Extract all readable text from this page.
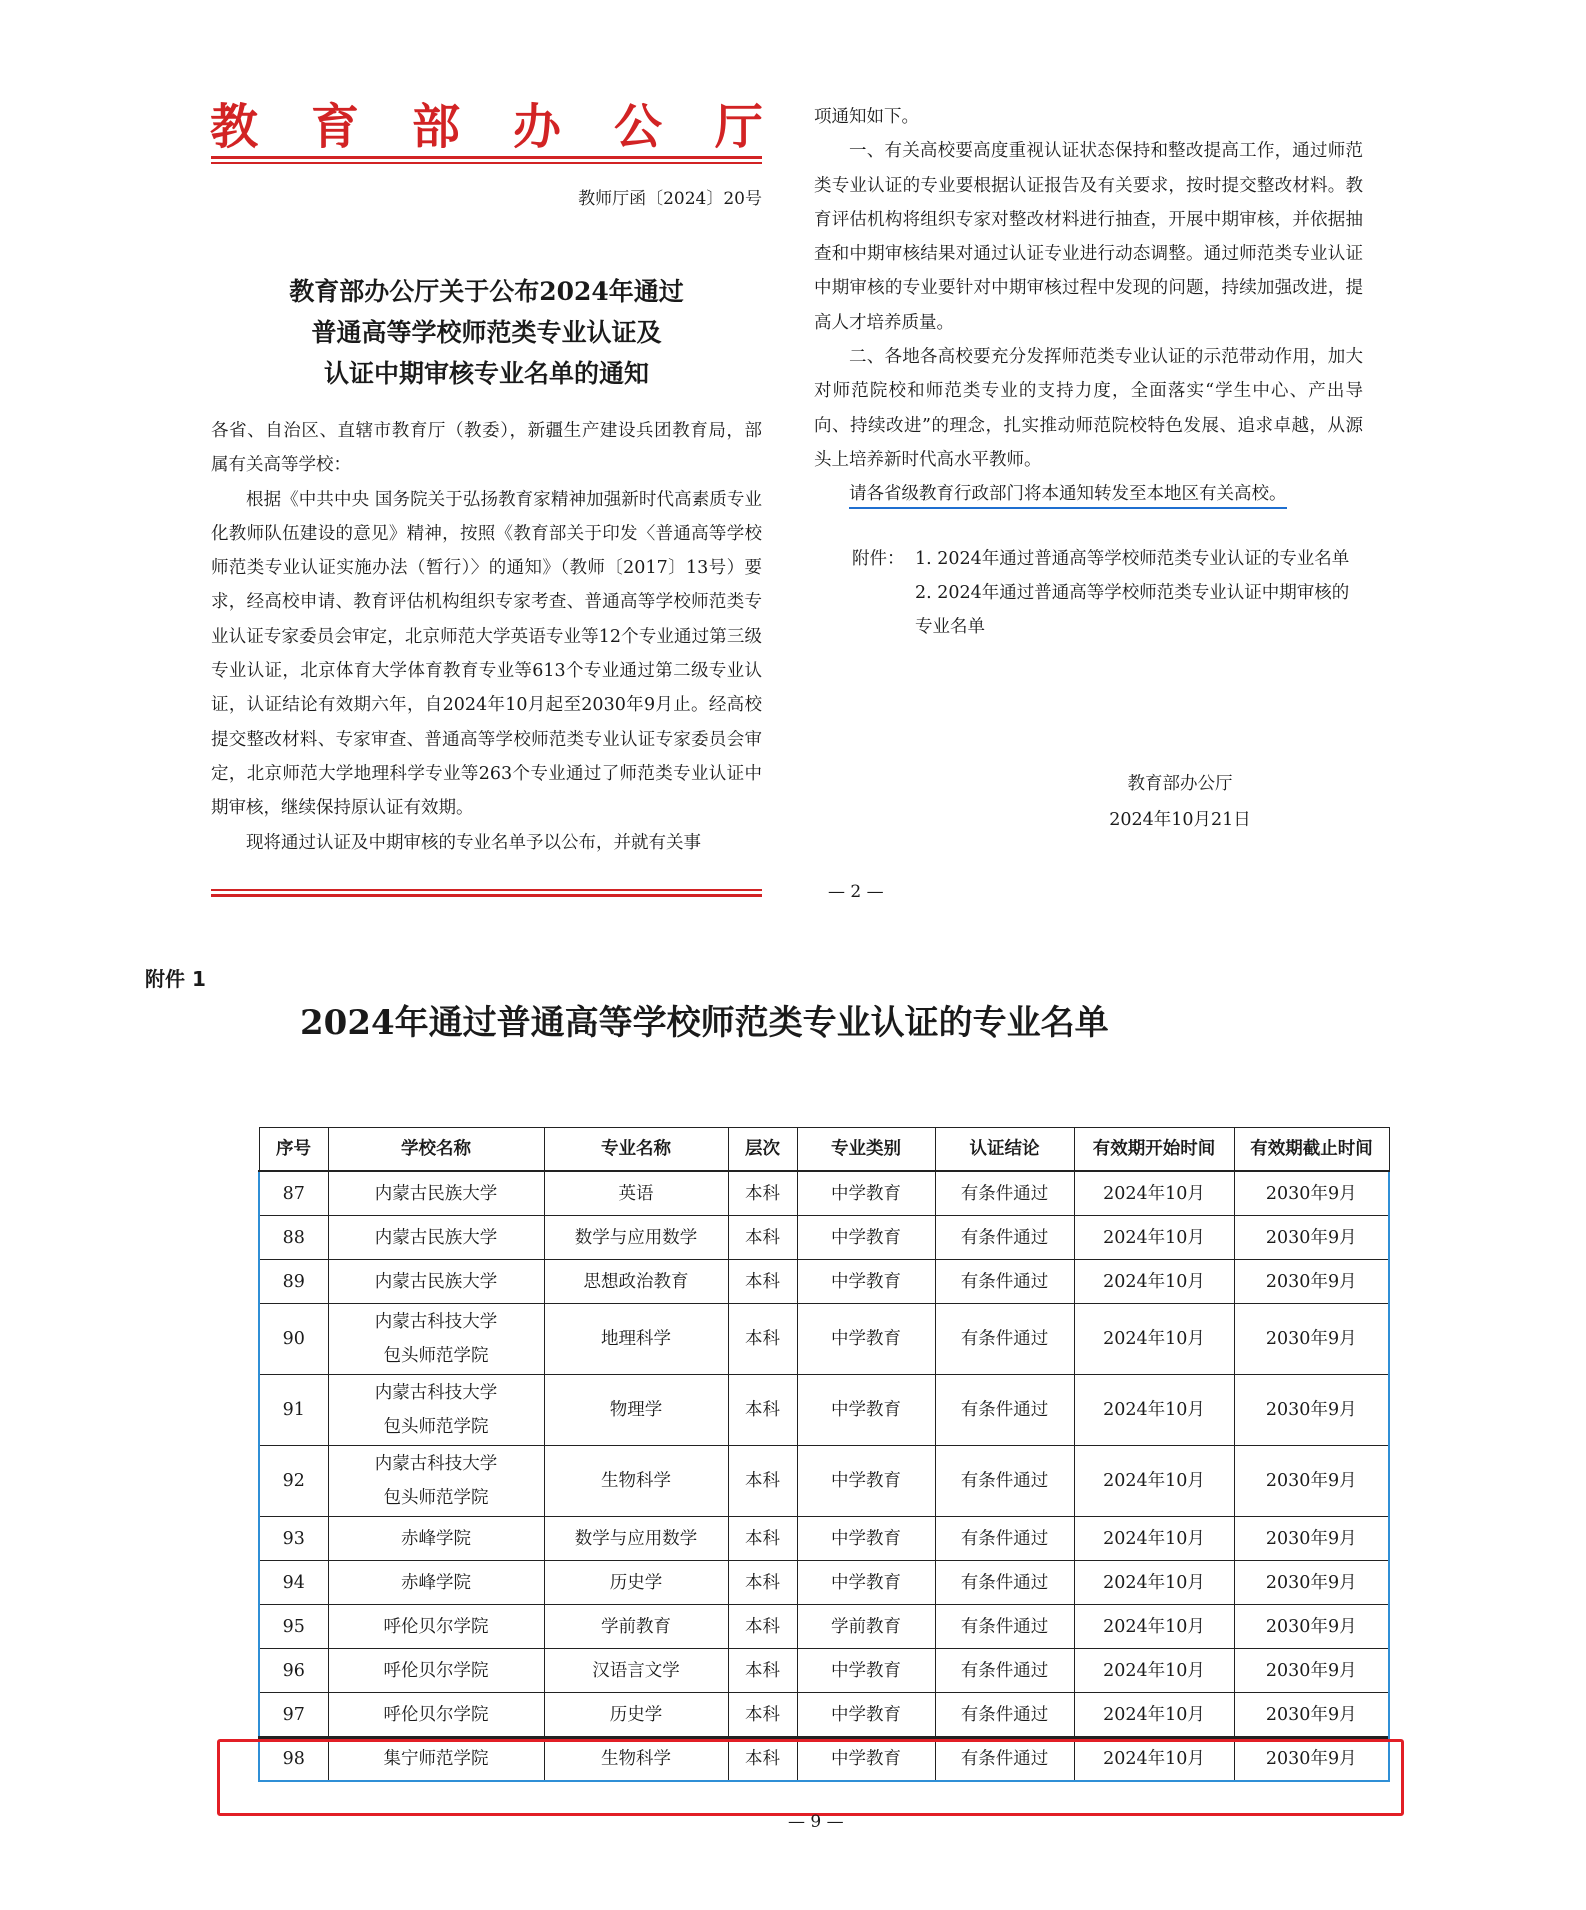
教 育 部 办 公 厅
教师厅函〔2024〕20号
教育部办公厅关于公布2024年通过
普通高等学校师范类专业认证及
认证中期审核专业名单的通知

各省、自治区、直辖市教育厅（教委），新疆生产建设兵团教育局，部属有关高等学校：

根据《中共中央 国务院关于弘扬教育家精神加强新时代高素质专业化教师队伍建设的意见》精神，按照《教育部关于印发〈普通高等学校师范类专业认证实施办法（暂行）〉的通知》（教师〔2017〕13号）要求，经高校申请、教育评估机构组织专家考查、普通高等学校师范类专业认证专家委员会审定，北京师范大学英语专业等12个专业通过第三级专业认证，北京体育大学体育教育专业等613个专业通过第二级专业认证，认证结论有效期六年，自2024年10月起至2030年9月止。经高校提交整改材料、专家审查、普通高等学校师范类专业认证专家委员会审定，北京师范大学地理科学专业等263个专业通过了师范类专业认证中期审核，继续保持原认证有效期。

现将通过认证及中期审核的专业名单予以公布，并就有关事

项通知如下。

一、有关高校要高度重视认证状态保持和整改提高工作，通过师范类专业认证的专业要根据认证报告及有关要求，按时提交整改材料。教育评估机构将组织专家对整改材料进行抽查，开展中期审核，并依据抽查和中期审核结果对通过认证专业进行动态调整。通过师范类专业认证中期审核的专业要针对中期审核过程中发现的问题，持续加强改进，提高人才培养质量。

二、各地各高校要充分发挥师范类专业认证的示范带动作用，加大对师范院校和师范类专业的支持力度，全面落实“学生中心、产出导向、持续改进”的理念，扎实推动师范院校特色发展、追求卓越，从源头上培养新时代高水平教师。

请各省级教育行政部门将本通知转发至本地区有关高校。

附件： 1. 2024年通过普通高等学校师范类专业认证的专业名单
2. 2024年通过普通高等学校师范类专业认证中期审核的专业名单
教育部办公厅
2024年10月21日
— 2 —
附件 1
2024年通过普通高等学校师范类专业认证的专业名单
序号	学校名称	专业名称	层次	专业类别	认证结论	有效期开始时间	有效期截止时间
87	内蒙古民族大学	英语	本科	中学教育	有条件通过	2024年10月	2030年9月
88	内蒙古民族大学	数学与应用数学	本科	中学教育	有条件通过	2024年10月	2030年9月
89	内蒙古民族大学	思想政治教育	本科	中学教育	有条件通过	2024年10月	2030年9月
90	内蒙古科技大学
包头师范学院	地理科学	本科	中学教育	有条件通过	2024年10月	2030年9月
91	内蒙古科技大学
包头师范学院	物理学	本科	中学教育	有条件通过	2024年10月	2030年9月
92	内蒙古科技大学
包头师范学院	生物科学	本科	中学教育	有条件通过	2024年10月	2030年9月
93	赤峰学院	数学与应用数学	本科	中学教育	有条件通过	2024年10月	2030年9月
94	赤峰学院	历史学	本科	中学教育	有条件通过	2024年10月	2030年9月
95	呼伦贝尔学院	学前教育	本科	学前教育	有条件通过	2024年10月	2030年9月
96	呼伦贝尔学院	汉语言文学	本科	中学教育	有条件通过	2024年10月	2030年9月
97	呼伦贝尔学院	历史学	本科	中学教育	有条件通过	2024年10月	2030年9月
98	集宁师范学院	生物科学	本科	中学教育	有条件通过	2024年10月	2030年9月
— 9 —
